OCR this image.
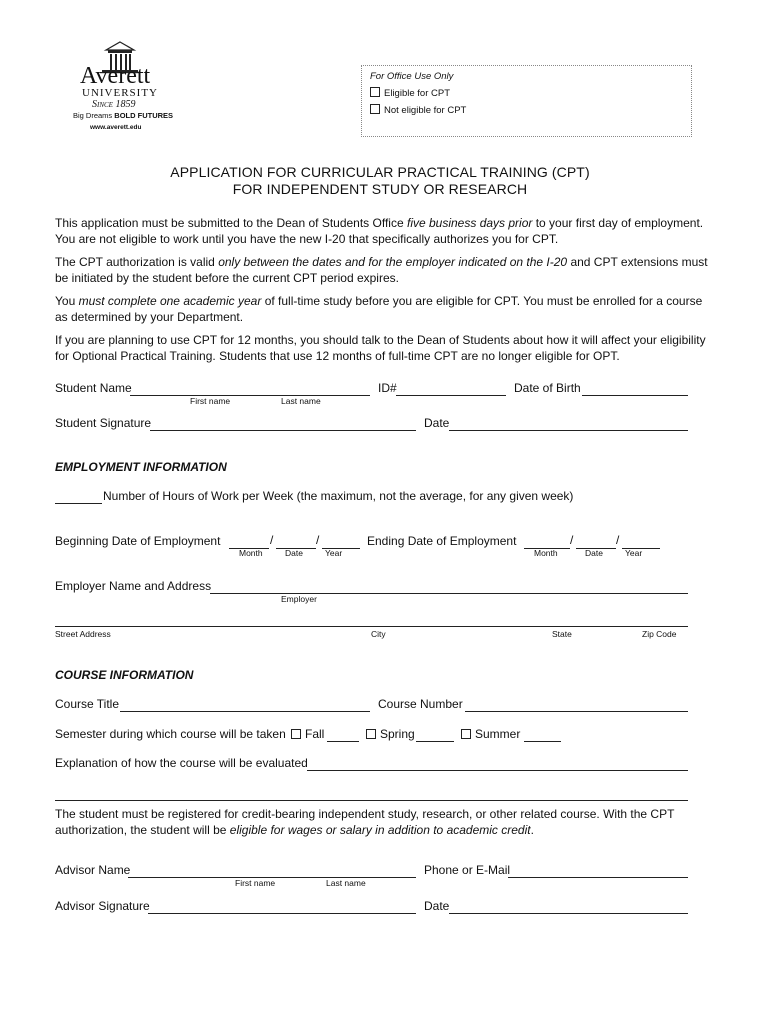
Averett
UNIVERSITY
Since 1859
Big Dreams BOLD FUTURES
www.averett.edu
For Office Use Only
Eligible for CPT
Not eligible for CPT
APPLICATION FOR CURRICULAR PRACTICAL TRAINING (CPT)
FOR INDEPENDENT STUDY OR RESEARCH

This application must be submitted to the Dean of Students Office five business days prior to your first day of employment. You are not eligible to work until you have the new I-20 that specifically authorizes you for CPT.

The CPT authorization is valid only between the dates and for the employer indicated on the I-20 and CPT extensions must be initiated by the student before the current CPT period expires.

You must complete one academic year of full-time study before you are eligible for CPT. You must be enrolled for a course as determined by your Department.

If you are planning to use CPT for 12 months, you should talk to the Dean of Students about how it will affect your eligibility for Optional Practical Training. Students that use 12 months of full-time CPT are no longer eligible for OPT.

Student Name	ID#	Date of Birth
First name	Last name
Student Signature	Date
EMPLOYMENT INFORMATION
Number of Hours of Work per Week (the maximum, not the average, for any given week)
Beginning Date of Employment	/	/
Month	Date	Year
Ending Date of Employment	/	/
Month	Date	Year
Employer Name and Address
Employer
Street Address	City	State	Zip Code
COURSE INFORMATION
Course Title	Course Number
Semester during which course will be taken	Fall	Spring	Summer
Explanation of how the course will be evaluated

The student must be registered for credit-bearing independent study, research, or other related course. With the CPT authorization, the student will be eligible for wages or salary in addition to academic credit.

Advisor Name	Phone or E-Mail
First name	Last name
Advisor Signature	Date
